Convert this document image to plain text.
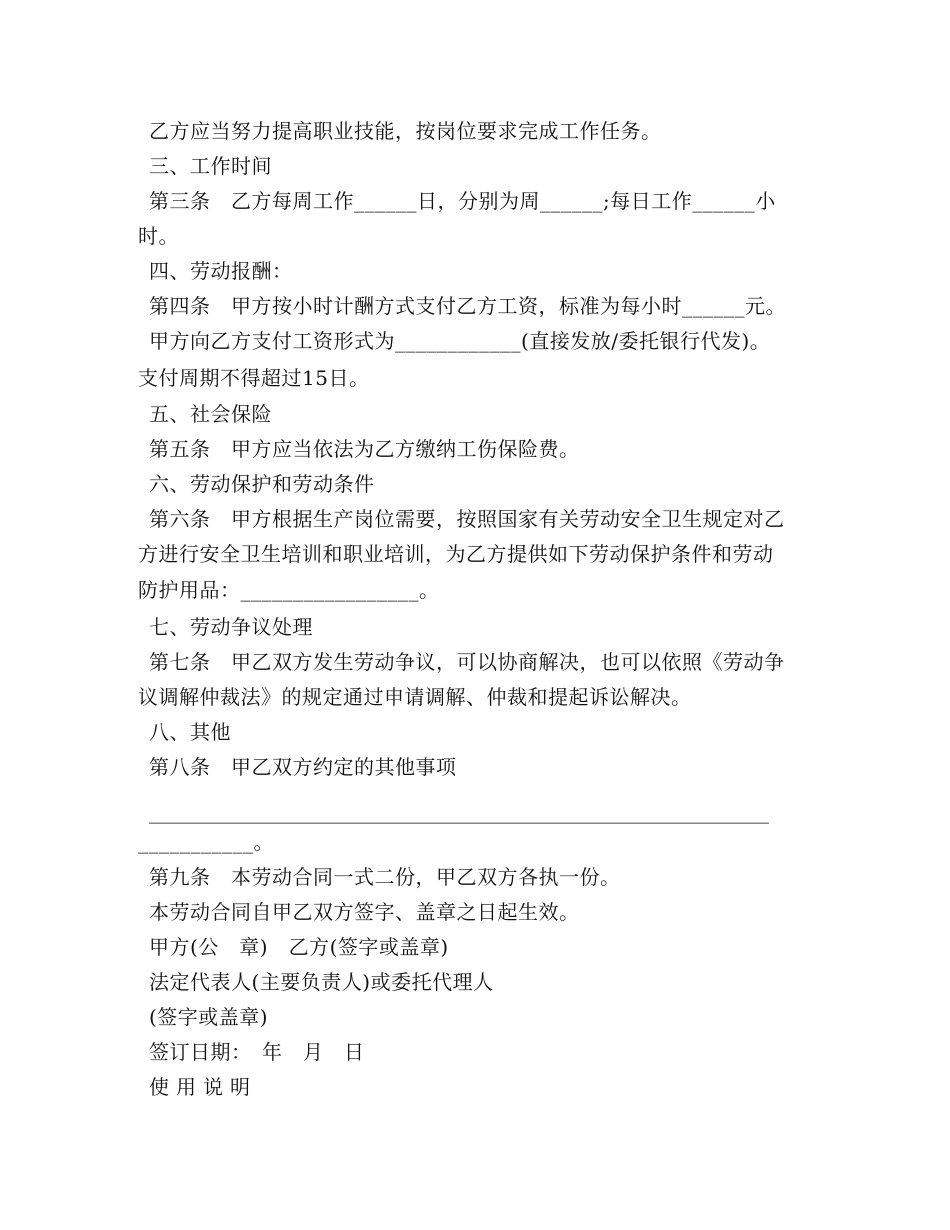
乙方应当努力提高职业技能，按岗位要求完成工作任务。
三、工作时间
第三条　乙方每周工作______日，分别为周______;每日工作______小
时。
四、劳动报酬：
第四条　甲方按小时计酬方式支付乙方工资，标准为每小时______元。
甲方向乙方支付工资形式为____________(直接发放/委托银行代发)。
支付周期不得超过15日。
五、社会保险
第五条　甲方应当依法为乙方缴纳工伤保险费。
六、劳动保护和劳动条件
第六条　甲方根据生产岗位需要，按照国家有关劳动安全卫生规定对乙
方进行安全卫生培训和职业培训，为乙方提供如下劳动保护条件和劳动
防护用品：_________________。
七、劳动争议处理
第七条　甲乙双方发生劳动争议，可以协商解决，也可以依照《劳动争
议调解仲裁法》的规定通过申请调解、仲裁和提起诉讼解决。
八、其他
第八条　甲乙双方约定的其他事项
______________________________________________________________
___________。
第九条　本劳动合同一式二份，甲乙双方各执一份。
本劳动合同自甲乙双方签字、盖章之日起生效。
甲方(公　章)　乙方(签字或盖章)
法定代表人(主要负责人)或委托代理人
(签字或盖章)
签订日期：　年　月　日
使用说明
